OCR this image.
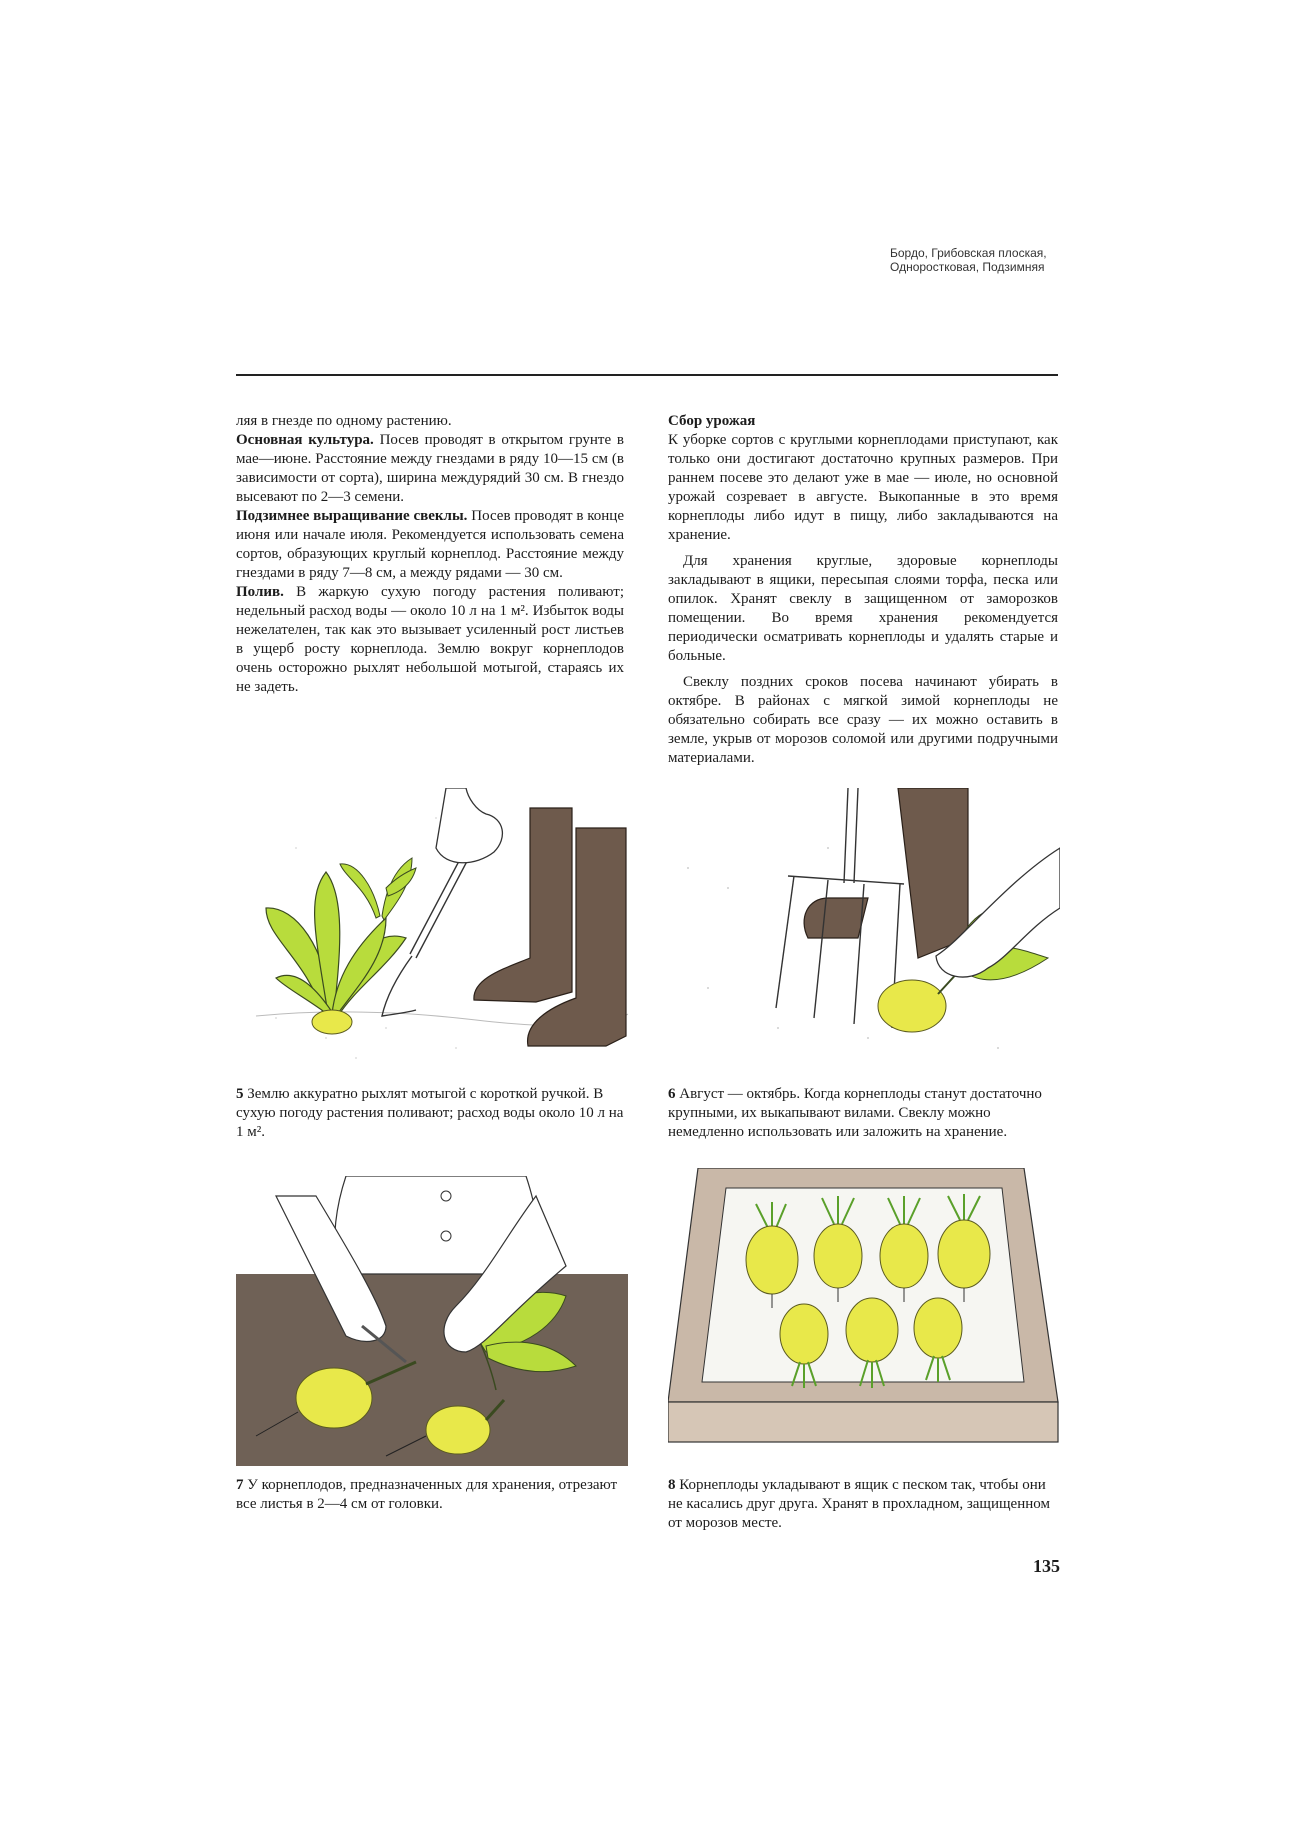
Бордо, Грибовская плоская,
Одноростковая, Подзимняя

ляя в гнезде по одному растению.

Основная культура. Посев проводят в открытом грунте в мае—июне. Расстояние между гнездами в ряду 10—15 см (в зависимости от сорта), ширина междурядий 30 см. В гнездо высевают по 2—3 семени.

Подзимнее выращивание свеклы. Посев проводят в конце июня или начале июля. Рекомендуется использовать семена сортов, образующих круглый корнеплод. Расстояние между гнездами в ряду 7—8 см, а между рядами — 30 см.

Полив. В жаркую сухую погоду растения поливают; недельный расход воды — около 10 л на 1 м². Избыток воды нежелателен, так как это вызывает усиленный рост листьев в ущерб росту корнеплода. Землю вокруг корнеплодов очень осторожно рыхлят небольшой мотыгой, стараясь их не задеть.

Сбор урожая

К уборке сортов с круглыми корнеплодами приступают, как только они достигают достаточно крупных размеров. При раннем посеве это делают уже в мае — июле, но основной урожай созревает в августе. Выкопанные в это время корнеплоды либо идут в пищу, либо закладываются на хранение.

Для хранения круглые, здоровые корнеплоды закладывают в ящики, пересыпая слоями торфа, песка или опилок. Хранят свеклу в защищенном от заморозков помещении. Во время хранения рекомендуется периодически осматривать корнеплоды и удалять старые и больные.

Свеклу поздних сроков посева начинают убирать в октябре. В районах с мягкой зимой корнеплоды не обязательно собирать все сразу — их можно оставить в земле, укрыв от морозов соломой или другими подручными материалами.

5 Землю аккуратно рыхлят мотыгой с короткой ручкой. В сухую погоду растения поливают; расход воды около 10 л на 1 м².
6 Август — октябрь. Когда корнеплоды станут достаточно крупными, их выкапывают вилами. Свеклу можно немедленно использовать или заложить на хранение.
7 У корнеплодов, предназначенных для хранения, отрезают все листья в 2—4 см от головки.
8 Корнеплоды укладывают в ящик с песком так, чтобы они не касались друг друга. Хранят в прохладном, защищенном от морозов месте.
135
